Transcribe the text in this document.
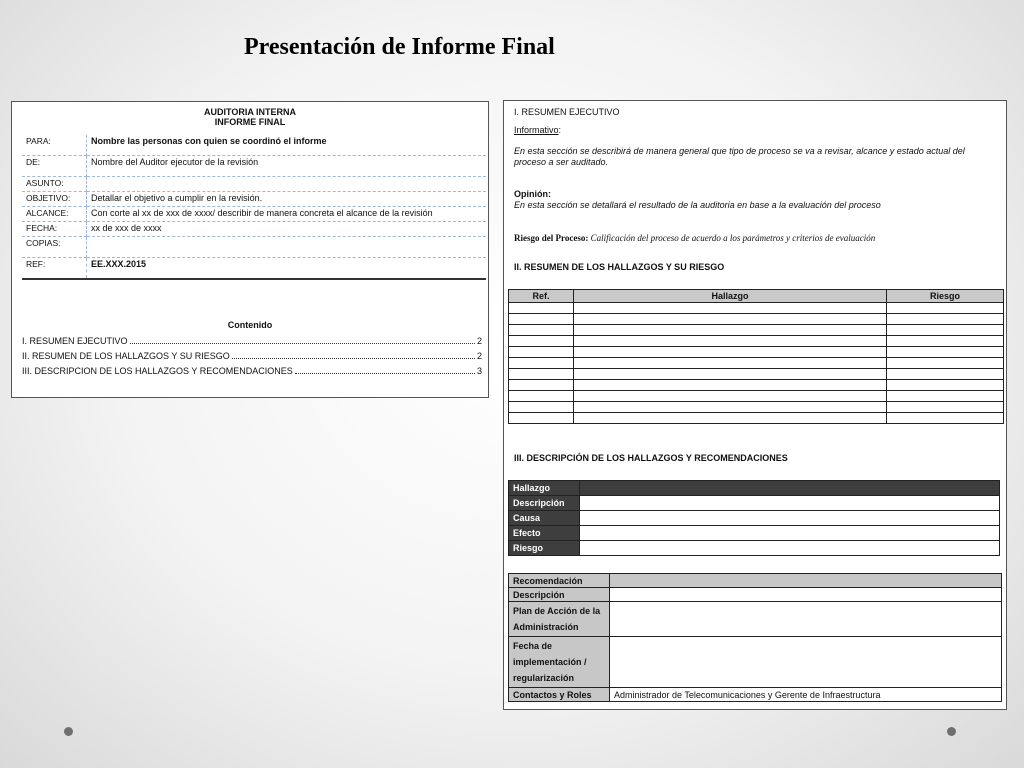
Presentación de Informe Final
AUDITORIA INTERNA
INFORME FINAL
PARA:	Nombre las personas con quien se coordinó el informe
DE:	Nombre del Auditor ejecutor de la revisión
ASUNTO:	
OBJETIVO:	Detallar el objetivo a cumplir en la revisión.
ALCANCE:	Con corte al xx de xxx de xxxx/ describir de manera concreta el alcance de la revisión
FECHA:	xx de xxx de xxxx
COPIAS:	
REF:	EE.XXX.2015
Contenido
I. RESUMEN EJECUTIVO	2
II. RESUMEN DE LOS HALLAZGOS Y SU RIESGO	2
III. DESCRIPCION DE LOS HALLAZGOS Y RECOMENDACIONES	3
I. RESUMEN EJECUTIVO
Informativo:
En esta sección se describirá de manera general que tipo de proceso se va a revisar, alcance y estado actual del
proceso a ser auditado.
Opinión:
En esta sección se detallará el resultado de la auditoria en base a la evaluación del proceso
Riesgo del Proceso: Calificación del proceso de acuerdo a los parámetros y criterios de evaluación
II. RESUMEN DE LOS HALLAZGOS Y SU RIESGO
Ref.	Hallazgo	Riesgo

III. DESCRIPCIÓN DE LOS HALLAZGOS Y RECOMENDACIONES
Hallazgo	
Descripción	
Causa	
Efecto	
Riesgo	
Recomendación	
Descripción	
Plan de Acción de la Administración	
Fecha de implementación / regularización	
Contactos y Roles	Administrador de Telecomunicaciones y Gerente de Infraestructura
